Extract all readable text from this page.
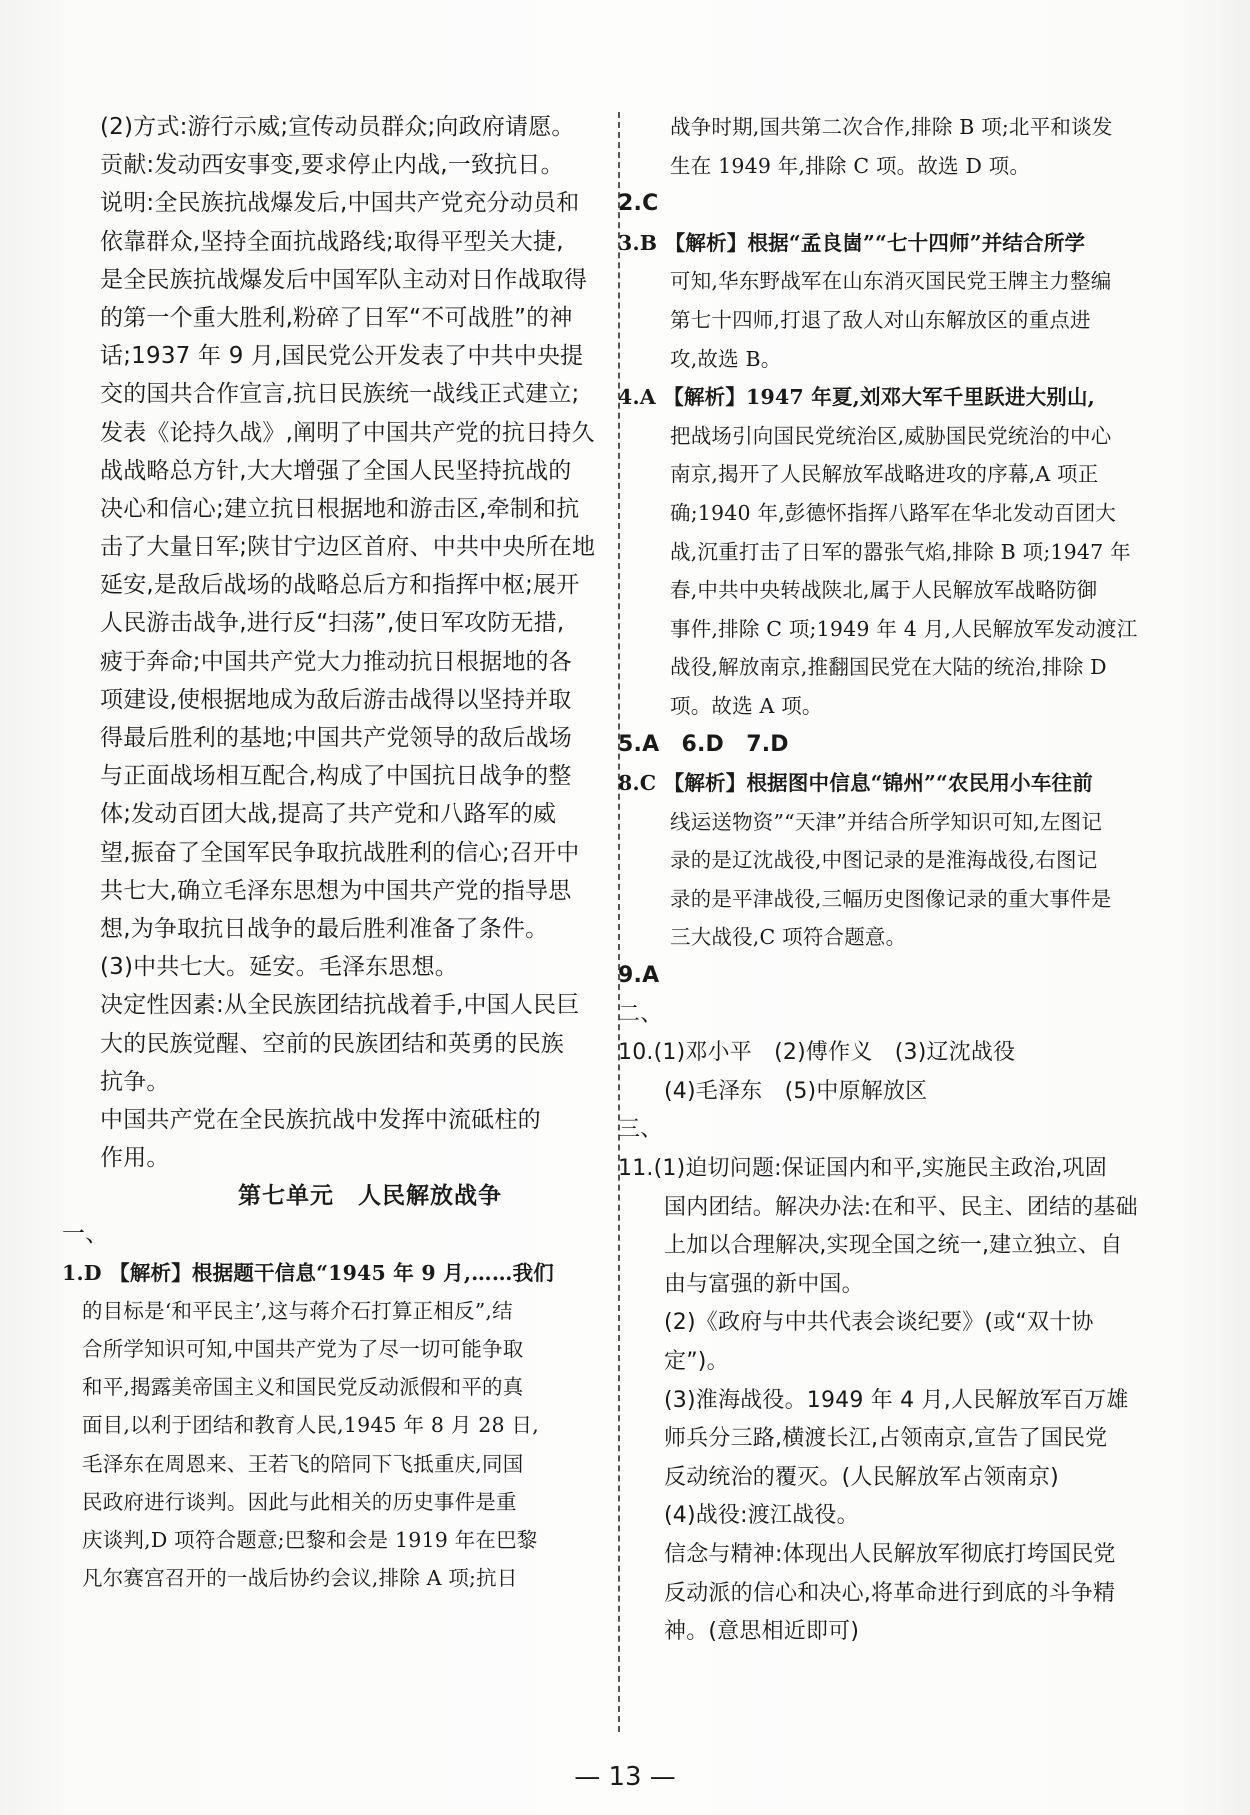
(2)方式:游行示威;宣传动员群众;向政府请愿。
贡献:发动西安事变,要求停止内战,一致抗日。
说明:全民族抗战爆发后,中国共产党充分动员和
依靠群众,坚持全面抗战路线;取得平型关大捷,
是全民族抗战爆发后中国军队主动对日作战取得
的第一个重大胜利,粉碎了日军“不可战胜”的神
话;1937 年 9 月,国民党公开发表了中共中央提
交的国共合作宣言,抗日民族统一战线正式建立;
发表《论持久战》,阐明了中国共产党的抗日持久
战战略总方针,大大增强了全国人民坚持抗战的
决心和信心;建立抗日根据地和游击区,牵制和抗
击了大量日军;陕甘宁边区首府、中共中央所在地
延安,是敌后战场的战略总后方和指挥中枢;展开
人民游击战争,进行反“扫荡”,使日军攻防无措,
疲于奔命;中国共产党大力推动抗日根据地的各
项建设,使根据地成为敌后游击战得以坚持并取
得最后胜利的基地;中国共产党领导的敌后战场
与正面战场相互配合,构成了中国抗日战争的整
体;发动百团大战,提高了共产党和八路军的威
望,振奋了全国军民争取抗战胜利的信心;召开中
共七大,确立毛泽东思想为中国共产党的指导思
想,为争取抗日战争的最后胜利准备了条件。
(3)中共七大。延安。毛泽东思想。
决定性因素:从全民族团结抗战着手,中国人民巨
大的民族觉醒、空前的民族团结和英勇的民族
抗争。
中国共产党在全民族抗战中发挥中流砥柱的
作用。
第七单元　人民解放战争
一、
1.D 【解析】根据题干信息“1945 年 9 月,……我们
的目标是‘和平民主’,这与蒋介石打算正相反”,结
合所学知识可知,中国共产党为了尽一切可能争取
和平,揭露美帝国主义和国民党反动派假和平的真
面目,以利于团结和教育人民,1945 年 8 月 28 日,
毛泽东在周恩来、王若飞的陪同下飞抵重庆,同国
民政府进行谈判。因此与此相关的历史事件是重
庆谈判,D 项符合题意;巴黎和会是 1919 年在巴黎
凡尔赛宫召开的一战后协约会议,排除 A 项;抗日
战争时期,国共第二次合作,排除 B 项;北平和谈发
生在 1949 年,排除 C 项。故选 D 项。
2.C
3.B 【解析】根据“孟良崮”“七十四师”并结合所学
可知,华东野战军在山东消灭国民党王牌主力整编
第七十四师,打退了敌人对山东解放区的重点进
攻,故选 B。
4.A 【解析】1947 年夏,刘邓大军千里跃进大别山,
把战场引向国民党统治区,威胁国民党统治的中心
南京,揭开了人民解放军战略进攻的序幕,A 项正
确;1940 年,彭德怀指挥八路军在华北发动百团大
战,沉重打击了日军的嚣张气焰,排除 B 项;1947 年
春,中共中央转战陕北,属于人民解放军战略防御
事件,排除 C 项;1949 年 4 月,人民解放军发动渡江
战役,解放南京,推翻国民党在大陆的统治,排除 D
项。故选 A 项。
5.A　6.D　7.D
8.C 【解析】根据图中信息“锦州”“农民用小车往前
线运送物资”“天津”并结合所学知识可知,左图记
录的是辽沈战役,中图记录的是淮海战役,右图记
录的是平津战役,三幅历史图像记录的重大事件是
三大战役,C 项符合题意。
9.A
二、
10.(1)邓小平　(2)傅作义　(3)辽沈战役
(4)毛泽东　(5)中原解放区
三、
11.(1)迫切问题:保证国内和平,实施民主政治,巩固
国内团结。解决办法:在和平、民主、团结的基础
上加以合理解决,实现全国之统一,建立独立、自
由与富强的新中国。
(2)《政府与中共代表会谈纪要》(或“双十协
定”)。
(3)淮海战役。1949 年 4 月,人民解放军百万雄
师兵分三路,横渡长江,占领南京,宣告了国民党
反动统治的覆灭。(人民解放军占领南京)
(4)战役:渡江战役。
信念与精神:体现出人民解放军彻底打垮国民党
反动派的信心和决心,将革命进行到底的斗争精
神。(意思相近即可)
— 13 —
